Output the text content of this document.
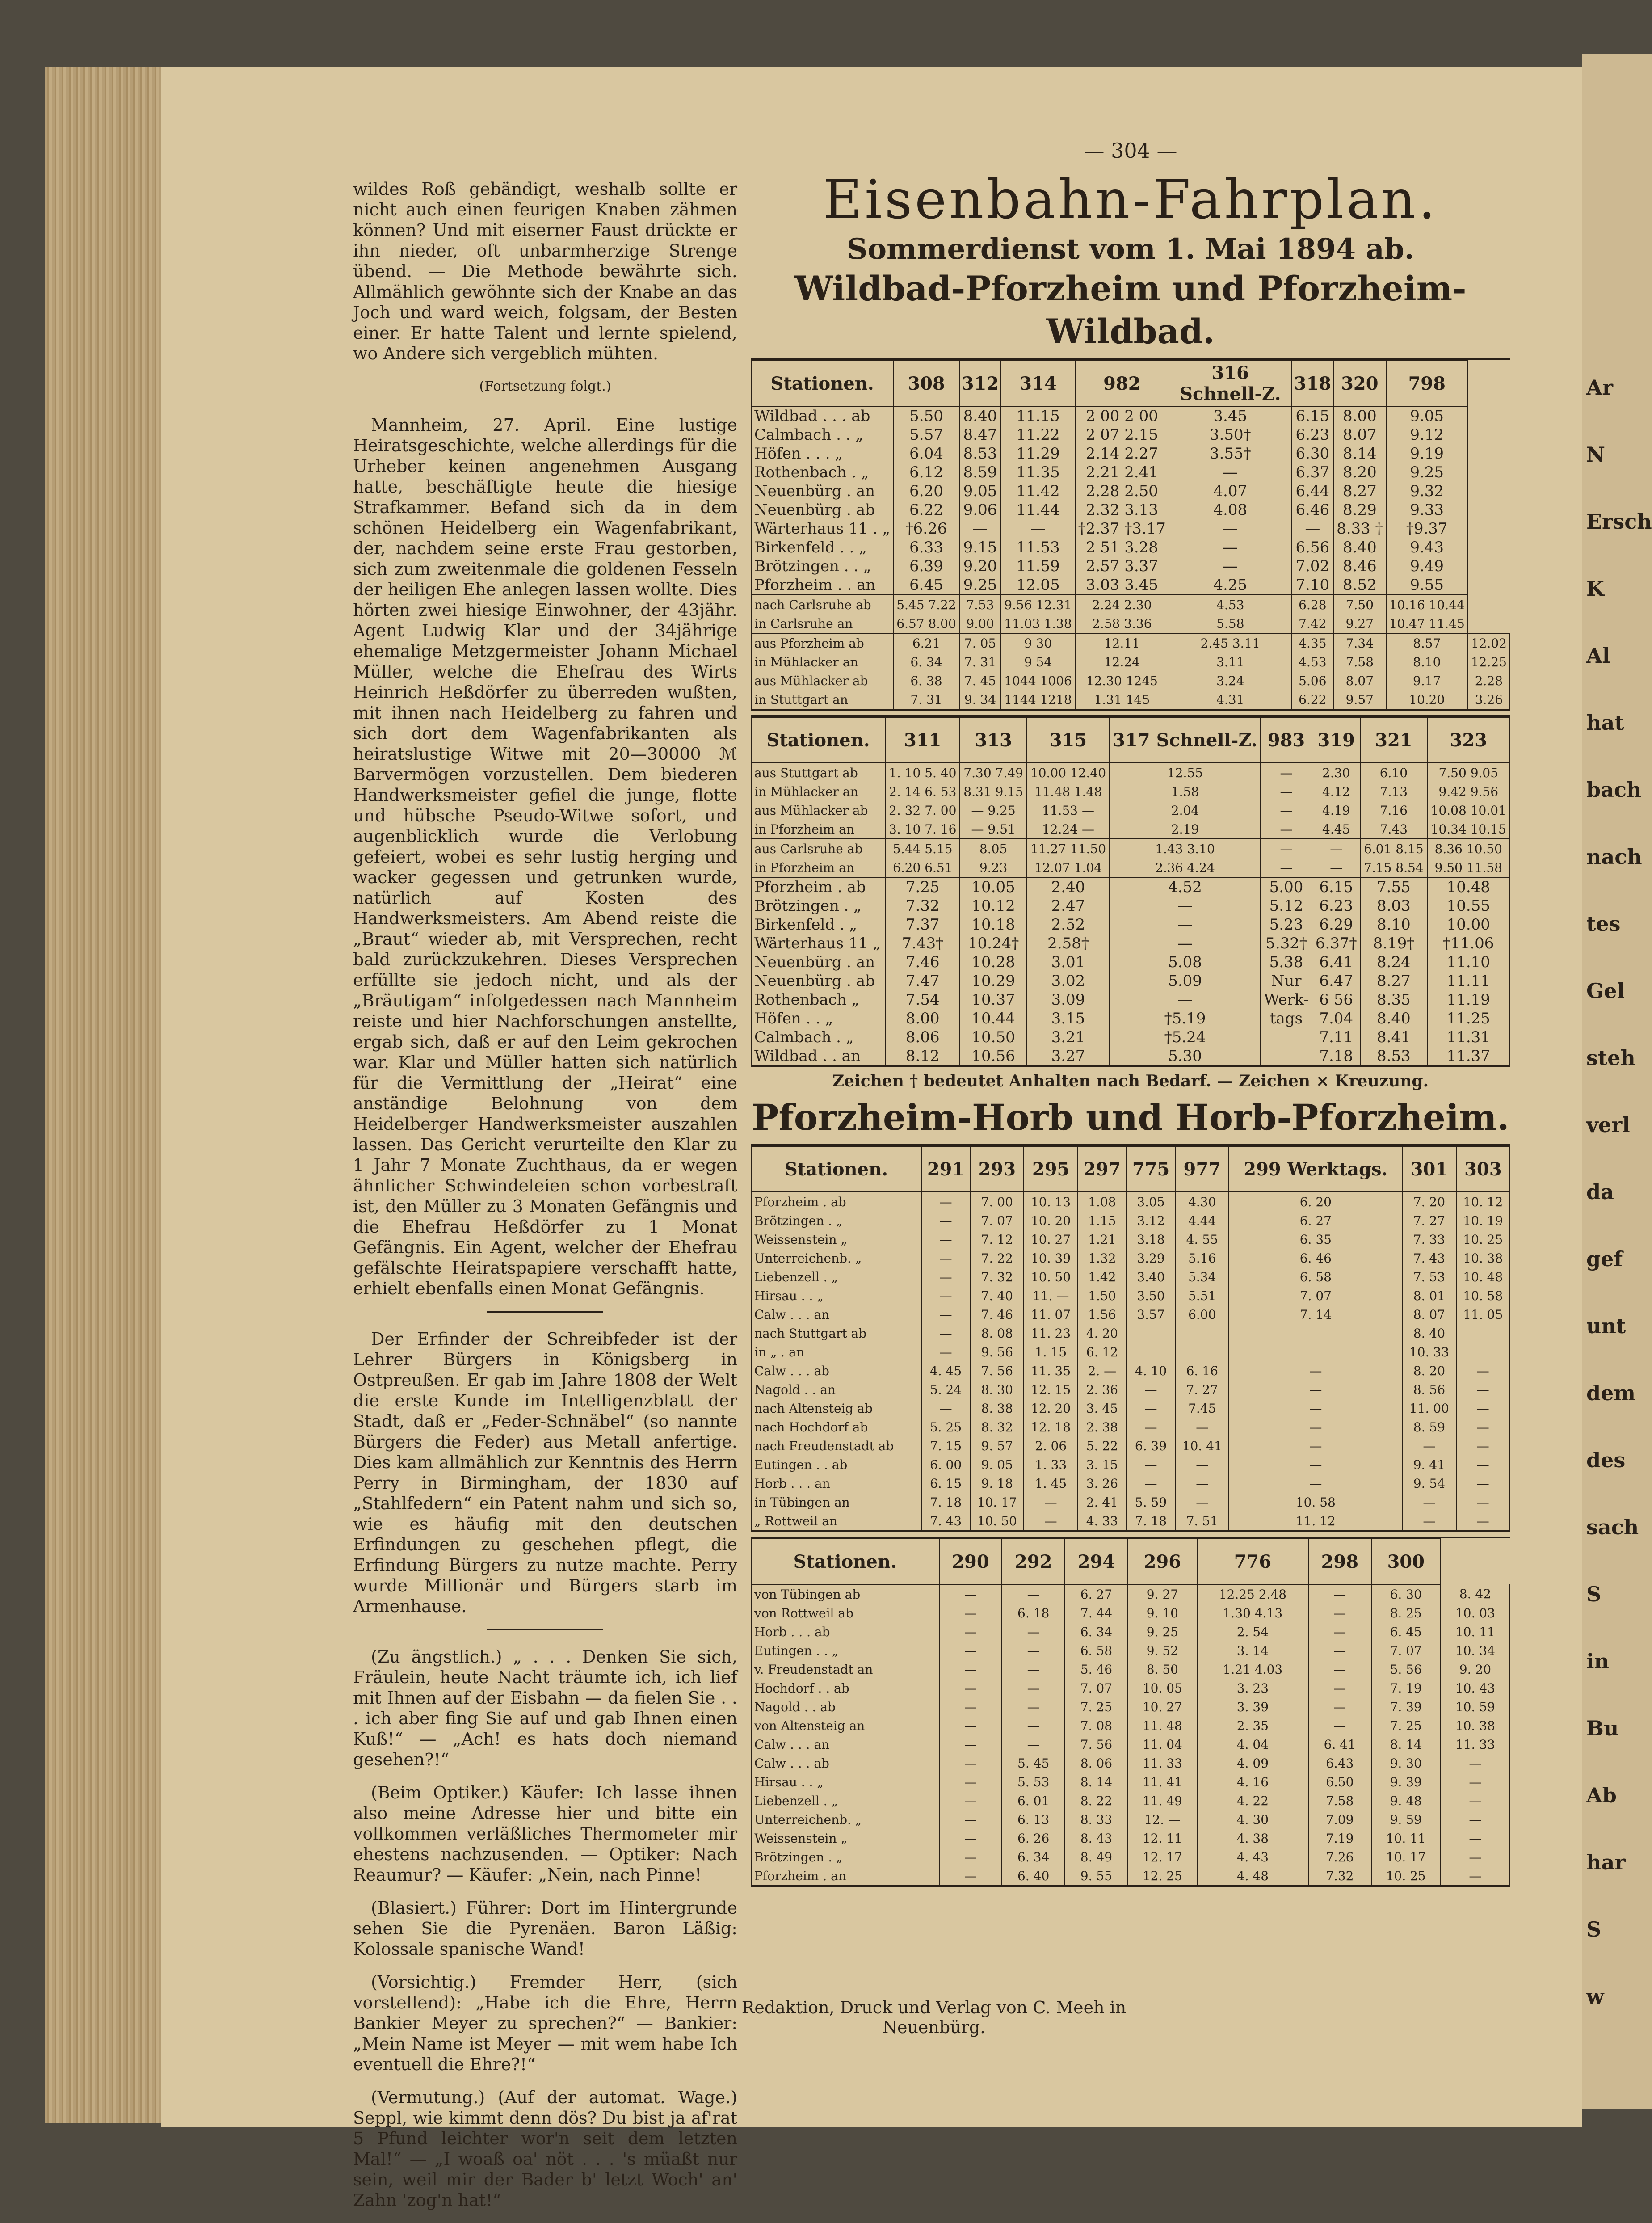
Ar
N
Ersch
K
Al
hat
bach
nach
tes
Gel
steh
verl
da
gef
unt
dem
des
sach
S
in
Bu
Ab
har
S
w

wildes Roß gebändigt, weshalb sollte er nicht auch einen feurigen Knaben zähmen können? Und mit eiserner Faust drückte er ihn nieder, oft unbarmherzige Strenge übend. — Die Methode bewährte sich. Allmählich gewöhnte sich der Knabe an das Joch und ward weich, folgsam, der Besten einer. Er hatte Talent und lernte spielend, wo Andere sich vergeblich mühten.

(Fortsetzung folgt.)

Mannheim, 27. April. Eine lustige Heiratsgeschichte, welche allerdings für die Urheber keinen angenehmen Ausgang hatte, beschäftigte heute die hiesige Strafkammer. Befand sich da in dem schönen Heidelberg ein Wagenfabrikant, der, nachdem seine erste Frau gestorben, sich zum zweitenmale die goldenen Fesseln der heiligen Ehe anlegen lassen wollte. Dies hörten zwei hiesige Einwohner, der 43jähr. Agent Ludwig Klar und der 34jährige ehemalige Metzgermeister Johann Michael Müller, welche die Ehefrau des Wirts Heinrich Heßdörfer zu überreden wußten, mit ihnen nach Heidelberg zu fahren und sich dort dem Wagenfabrikanten als heiratslustige Witwe mit 20—30000 ℳ Barvermögen vorzustellen. Dem biederen Handwerksmeister gefiel die junge, flotte und hübsche Pseudo-Witwe sofort, und augenblicklich wurde die Verlobung gefeiert, wobei es sehr lustig herging und wacker gegessen und getrunken wurde, natürlich auf Kosten des Handwerksmeisters. Am Abend reiste die „Braut“ wieder ab, mit Versprechen, recht bald zurückzukehren. Dieses Versprechen erfüllte sie jedoch nicht, und als der „Bräutigam“ infolgedessen nach Mannheim reiste und hier Nachforschungen anstellte, ergab sich, daß er auf den Leim gekrochen war. Klar und Müller hatten sich natürlich für die Vermittlung der „Heirat“ eine anständige Belohnung von dem Heidelberger Handwerksmeister auszahlen lassen. Das Gericht verurteilte den Klar zu 1 Jahr 7 Monate Zuchthaus, da er wegen ähnlicher Schwindeleien schon vorbestraft ist, den Müller zu 3 Monaten Gefängnis und die Ehefrau Heßdörfer zu 1 Monat Gefängnis. Ein Agent, welcher der Ehefrau gefälschte Heiratspapiere verschafft hatte, erhielt ebenfalls einen Monat Gefängnis.

Der Erfinder der Schreibfeder ist der Lehrer Bürgers in Königsberg in Ostpreußen. Er gab im Jahre 1808 der Welt die erste Kunde im Intelligenzblatt der Stadt, daß er „Feder-Schnäbel“ (so nannte Bürgers die Feder) aus Metall anfertige. Dies kam allmählich zur Kenntnis des Herrn Perry in Birmingham, der 1830 auf „Stahlfedern“ ein Patent nahm und sich so, wie es häufig mit den deutschen Erfindungen zu geschehen pflegt, die Erfindung Bürgers zu nutze machte. Perry wurde Millionär und Bürgers starb im Armenhause.

(Zu ängstlich.) „ . . . Denken Sie sich, Fräulein, heute Nacht träumte ich, ich lief mit Ihnen auf der Eisbahn — da fielen Sie . . . ich aber fing Sie auf und gab Ihnen einen Kuß!“ — „Ach! es hats doch niemand gesehen?!“

(Beim Optiker.) Käufer: Ich lasse ihnen also meine Adresse hier und bitte ein vollkommen verläßliches Thermometer mir ehestens nachzusenden. — Optiker: Nach Reaumur? — Käufer: „Nein, nach Pinne!

(Blasiert.) Führer: Dort im Hintergrunde sehen Sie die Pyrenäen. Baron Läßig: Kolossale spanische Wand!

(Vorsichtig.) Fremder Herr, (sich vorstellend): „Habe ich die Ehre, Herrn Bankier Meyer zu sprechen?“ — Bankier: „Mein Name ist Meyer — mit wem habe Ich eventuell die Ehre?!“

(Vermutung.) (Auf der automat. Wage.) Seppl, wie kimmt denn dös? Du bist ja af'rat 5 Pfund leichter wor'n seit dem letzten Mal!“ — „I woaß oa' nöt . . . 's müaßt nur sein, weil mir der Bader b' letzt Woch' an' Zahn 'zog'n hat!“

— 304 —
Eisenbahn-Fahrplan.
Sommerdienst vom 1. Mai 1894 ab.
Wildbad-Pforzheim und Pforzheim-Wildbad.
Stationen.	308	312	314	982	316 Schnell-Z.	318	320	798	
Wildbad . . . ab	5.50	8.40	11.15	2 00 2 00	3.45	6.15	8.00	9.05	
Calmbach . . „	5.57	8.47	11.22	2 07 2.15	3.50†	6.23	8.07	9.12	
Höfen . . . „	6.04	8.53	11.29	2.14 2.27	3.55†	6.30	8.14	9.19	
Rothenbach . „	6.12	8.59	11.35	2.21 2.41	—	6.37	8.20	9.25	
Neuenbürg . an	6.20	9.05	11.42	2.28 2.50	4.07	6.44	8.27	9.32	
Neuenbürg . ab	6.22	9.06	11.44	2.32 3.13	4.08	6.46	8.29	9.33	
Wärterhaus 11 . „	†6.26	—	—	†2.37 †3.17	—	—	8.33 †	†9.37	
Birkenfeld . . „	6.33	9.15	11.53	2 51 3.28	—	6.56	8.40	9.43	
Brötzingen . . „	6.39	9.20	11.59	2.57 3.37	—	7.02	8.46	9.49	
Pforzheim . . an	6.45	9.25	12.05	3.03 3.45	4.25	7.10	8.52	9.55	
nach Carlsruhe ab	5.45 7.22	7.53	9.56 12.31	2.24 2.30	4.53	6.28	7.50	10.16 10.44	
in Carlsruhe an	6.57 8.00	9.00	11.03 1.38	2.58 3.36	5.58	7.42	9.27	10.47 11.45	
aus Pforzheim ab	6.21	7. 05	9 30	12.11	2.45 3.11	4.35	7.34	8.57	12.02
in Mühlacker an	6. 34	7. 31	9 54	12.24	3.11	4.53	7.58	8.10	12.25
aus Mühlacker ab	6. 38	7. 45	1044 1006	12.30 1245	3.24	5.06	8.07	9.17	2.28
in Stuttgart an	7. 31	9. 34	1144 1218	1.31 145	4.31	6.22	9.57	10.20	3.26
Stationen.	311	313	315	317 Schnell-Z.	983	319	321	323
aus Stuttgart ab	1. 10 5. 40	7.30 7.49	10.00 12.40	12.55	—	2.30	6.10	7.50 9.05
in Mühlacker an	2. 14 6. 53	8.31 9.15	11.48 1.48	1.58	—	4.12	7.13	9.42 9.56
aus Mühlacker ab	2. 32 7. 00	— 9.25	11.53 —	2.04	—	4.19	7.16	10.08 10.01
in Pforzheim an	3. 10 7. 16	— 9.51	12.24 —	2.19	—	4.45	7.43	10.34 10.15
aus Carlsruhe ab	5.44 5.15	8.05	11.27 11.50	1.43 3.10	—	—	6.01 8.15	8.36 10.50
in Pforzheim an	6.20 6.51	9.23	12.07 1.04	2.36 4.24	—	—	7.15 8.54	9.50 11.58
Pforzheim . ab	7.25	10.05	2.40	4.52	5.00	6.15	7.55	10.48
Brötzingen . „	7.32	10.12	2.47	—	5.12	6.23	8.03	10.55
Birkenfeld . „	7.37	10.18	2.52	—	5.23	6.29	8.10	10.00
Wärterhaus 11 „	7.43†	10.24†	2.58†	—	5.32†	6.37†	8.19†	†11.06
Neuenbürg . an	7.46	10.28	3.01	5.08	5.38	6.41	8.24	11.10
Neuenbürg . ab	7.47	10.29	3.02	5.09	Nur	6.47	8.27	11.11
Rothenbach „	7.54	10.37	3.09	—	Werk-	6 56	8.35	11.19
Höfen . . „	8.00	10.44	3.15	†5.19	tags	7.04	8.40	11.25
Calmbach . „	8.06	10.50	3.21	†5.24		7.11	8.41	11.31
Wildbad . . an	8.12	10.56	3.27	5.30		7.18	8.53	11.37
Zeichen † bedeutet Anhalten nach Bedarf. — Zeichen × Kreuzung.
Pforzheim-Horb und Horb-Pforzheim.
Stationen.	291	293	295	297	775	977	299 Werktags.	301	303
Pforzheim . ab	—	7. 00	10. 13	1.08	3.05	4.30	6. 20	7. 20	10. 12
Brötzingen . „	—	7. 07	10. 20	1.15	3.12	4.44	6. 27	7. 27	10. 19
Weissenstein „	—	7. 12	10. 27	1.21	3.18	4. 55	6. 35	7. 33	10. 25
Unterreichenb. „	—	7. 22	10. 39	1.32	3.29	5.16	6. 46	7. 43	10. 38
Liebenzell . „	—	7. 32	10. 50	1.42	3.40	5.34	6. 58	7. 53	10. 48
Hirsau . . „	—	7. 40	11. —	1.50	3.50	5.51	7. 07	8. 01	10. 58
Calw . . . an	—	7. 46	11. 07	1.56	3.57	6.00	7. 14	8. 07	11. 05
nach Stuttgart ab	—	8. 08	11. 23	4. 20				8. 40	
in „ . an	—	9. 56	1. 15	6. 12				10. 33	
Calw . . . ab	4. 45	7. 56	11. 35	2. —	4. 10	6. 16	—	8. 20	—
Nagold . . an	5. 24	8. 30	12. 15	2. 36	—	7. 27	—	8. 56	—
nach Altensteig ab	—	8. 38	12. 20	3. 45	—	7.45	—	11. 00	—
nach Hochdorf ab	5. 25	8. 32	12. 18	2. 38	—	—	—	8. 59	—
nach Freudenstadt ab	7. 15	9. 57	2. 06	5. 22	6. 39	10. 41	—	—	—
Eutingen . . ab	6. 00	9. 05	1. 33	3. 15	—	—	—	9. 41	—
Horb . . . an	6. 15	9. 18	1. 45	3. 26	—	—	—	9. 54	—
in Tübingen an	7. 18	10. 17	—	2. 41	5. 59	—	10. 58	—	—
„ Rottweil an	7. 43	10. 50	—	4. 33	7. 18	7. 51	11. 12	—	—
Stationen.	290	292	294	296	776	298	300	
von Tübingen ab	—	—	6. 27	9. 27	12.25 2.48	—	6. 30	8. 42
von Rottweil ab	—	6. 18	7. 44	9. 10	1.30 4.13	—	8. 25	10. 03
Horb . . . ab	—	—	6. 34	9. 25	2. 54	—	6. 45	10. 11
Eutingen . . „	—	—	6. 58	9. 52	3. 14	—	7. 07	10. 34
v. Freudenstadt an	—	—	5. 46	8. 50	1.21 4.03	—	5. 56	9. 20
Hochdorf . . ab	—	—	7. 07	10. 05	3. 23	—	7. 19	10. 43
Nagold . . ab	—	—	7. 25	10. 27	3. 39	—	7. 39	10. 59
von Altensteig an	—	—	7. 08	11. 48	2. 35	—	7. 25	10. 38
Calw . . . an	—	—	7. 56	11. 04	4. 04	6. 41	8. 14	11. 33
Calw . . . ab	—	5. 45	8. 06	11. 33	4. 09	6.43	9. 30	—
Hirsau . . „	—	5. 53	8. 14	11. 41	4. 16	6.50	9. 39	—
Liebenzell . „	—	6. 01	8. 22	11. 49	4. 22	7.58	9. 48	—
Unterreichenb. „	—	6. 13	8. 33	12. —	4. 30	7.09	9. 59	—
Weissenstein „	—	6. 26	8. 43	12. 11	4. 38	7.19	10. 11	—
Brötzingen . „	—	6. 34	8. 49	12. 17	4. 43	7.26	10. 17	—
Pforzheim . an	—	6. 40	9. 55	12. 25	4. 48	7.32	10. 25	—
Redaktion, Druck und Verlag von C. Meeh in Neuenbürg.
